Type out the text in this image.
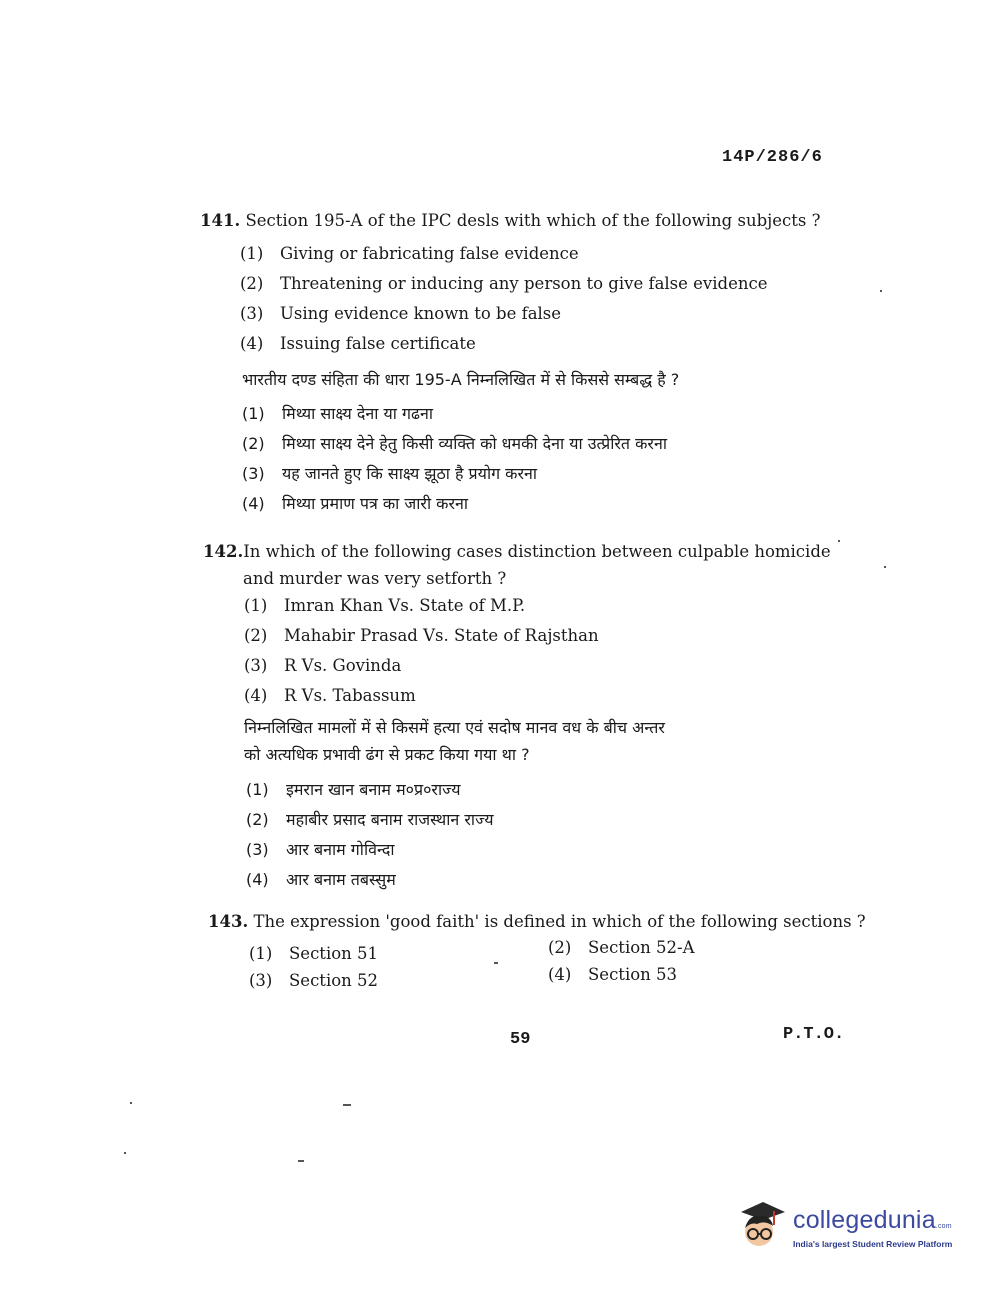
14P/286/6
141. Section 195-A of the IPC desls with which of the following subjects ?
(1) Giving or fabricating false evidence
(2) Threatening or inducing any person to give false evidence
(3) Using evidence known to be false
(4) Issuing false certificate
भारतीय दण्ड संहिता की धारा 195-A निम्नलिखित में से किससे सम्बद्ध है ?
(1) मिथ्या साक्ष्य देना या गढना
(2) मिथ्या साक्ष्य देने हेतु किसी व्यक्ति को धमकी देना या उत्प्रेरित करना
(3) यह जानते हुए कि साक्ष्य झूठा है प्रयोग करना
(4) मिथ्या प्रमाण पत्र का जारी करना
142.In which of the following cases distinction between culpable homicide
and murder was very setforth ?
(1) Imran Khan Vs. State of M.P.
(2) Mahabir Prasad Vs. State of Rajsthan
(3) R Vs. Govinda
(4) R Vs. Tabassum
निम्नलिखित मामलों में से किसमें हत्या एवं सदोष मानव वध के बीच अन्तर
को अत्यधिक प्रभावी ढंग से प्रकट किया गया था ?
(1) इमरान खान बनाम म०प्र०राज्य
(2) महाबीर प्रसाद बनाम राजस्थान राज्य
(3) आर बनाम गोविन्दा
(4) आर बनाम तबस्सुम
143. The expression 'good faith' is defined in which of the following sections ?
(1) Section 51	(2) Section 52-A
(3) Section 52	(4) Section 53
59	P.T.O.
collegedunia.com
India's largest Student Review Platform
